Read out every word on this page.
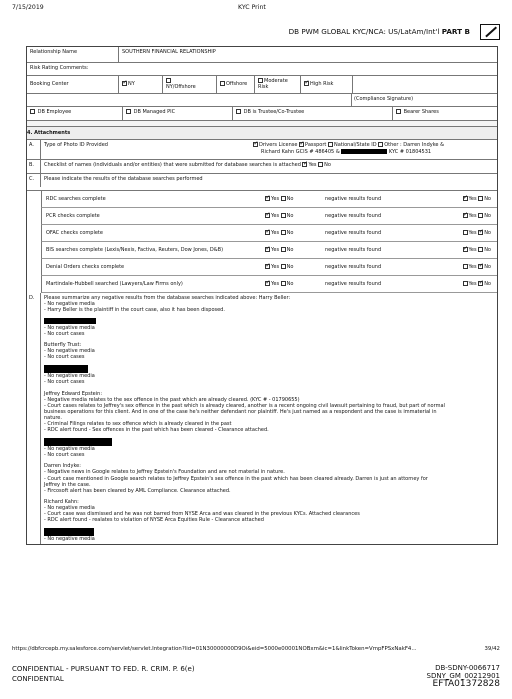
7/15/2019	KYC Print
DB PWM GLOBAL KYC/NCA: US/LatAm/Int'l PART B
Relationship Name	SOUTHERN FINANCIAL RELATIONSHIP
Risk Rating Comments:
Booking Center ✓	NY	NY/Offshore	Offshore	Moderate Risk ✓	High Risk
(Compliance Signature)
DB Employee	DB Managed PIC	DB is Trustee/Co-Trustee	Bearer Shares
4. Attachments
A.	Type of Photo ID Provided ✓	Drivers License ✓ Passport National/State ID Other : Darren Indyke &
Richard Kahn GCIS # 486405 &	KYC # 01804531
B.	Checklist of names (individuals and/or entities) that were submitted for database searches is attached ✓ Yes No
C.	Please indicate the results of the database searches performed
RDC searches complete ✓	Yes No	negative results found ✓	Yes No
PCR checks complete ✓	Yes No	negative results found ✓	Yes No
OFAC checks complete ✓	Yes No	negative results found	Yes ✓ No
BIS searches complete (Lexis/Nexis, Factiva, Reuters, Dow Jones, D&B) ✓	Yes No	negative results found ✓	Yes No
Denial Orders checks complete ✓	Yes No	negative results found	Yes ✓ No
Martindale-Hubbell searched (Lawyers/Law Firms only) ✓	Yes No	negative results found	Yes ✓ No
D.	Please summarize any negative results from the database searches indicated above: Harry Beller:

- No negative media

- Harry Beller is the plaintiff in the court case, also it has been disposed.

- No negative media

- No court cases

Butterfly Trust:

- No negative media

- No court cases

- No negative media

- No court cases

Jeffrey Edward Epstein:

- Negative media relates to the sex offence in the past which are already cleared. (KYC # - 01790655)

- Court cases relates to Jeffrey's sex offence in the past which is already cleared, another is a recent ongoing civil lawsuit pertaining to fraud, but part of normal

business operations for this client. And in one of the case he's neither defendant nor plaintiff. He's just named as a respondent and the case is immaterial in

nature.

- Criminal Filings relates to sex offence which is already cleared in the past

- RDC alert found - Sex offences in the past which has been cleared - Clearance attached.

- No negative media

- No court cases

Darren Indyke:

- Negative news in Google relates to Jeffrey Epstein's Foundation and are not material in nature.

- Court case mentioned in Google search relates to Jeffrey Epstein's sex offence in the past which has been cleared already. Darren is just an attorney for

Jeffrey in the case.

- Fircosoft alert has been cleared by AML Compliance. Clearance attached.

Richard Kahn:

- No negative media

- Court case was dismissed and he was not barred from NYSE Arca and was cleared in the previous KYCs. Attached clearances

- RDC alert found - realates to violation of NYSE Arca Equities Rule - Clearance attached

- No negative media

https://dbfcrcepb.my.salesforce.com/servlet/servlet.Integration?lid=01N30000000D9Oi&eid=5000e00001NOBxm&ic=1&linkToken=VmpFPSxNakF4...	39/42
CONFIDENTIAL - PURSUANT TO FED. R. CRIM. P. 6(e)
CONFIDENTIAL
DB-SDNY-0066717
SDNY_GM_00212901
EFTA01372828
